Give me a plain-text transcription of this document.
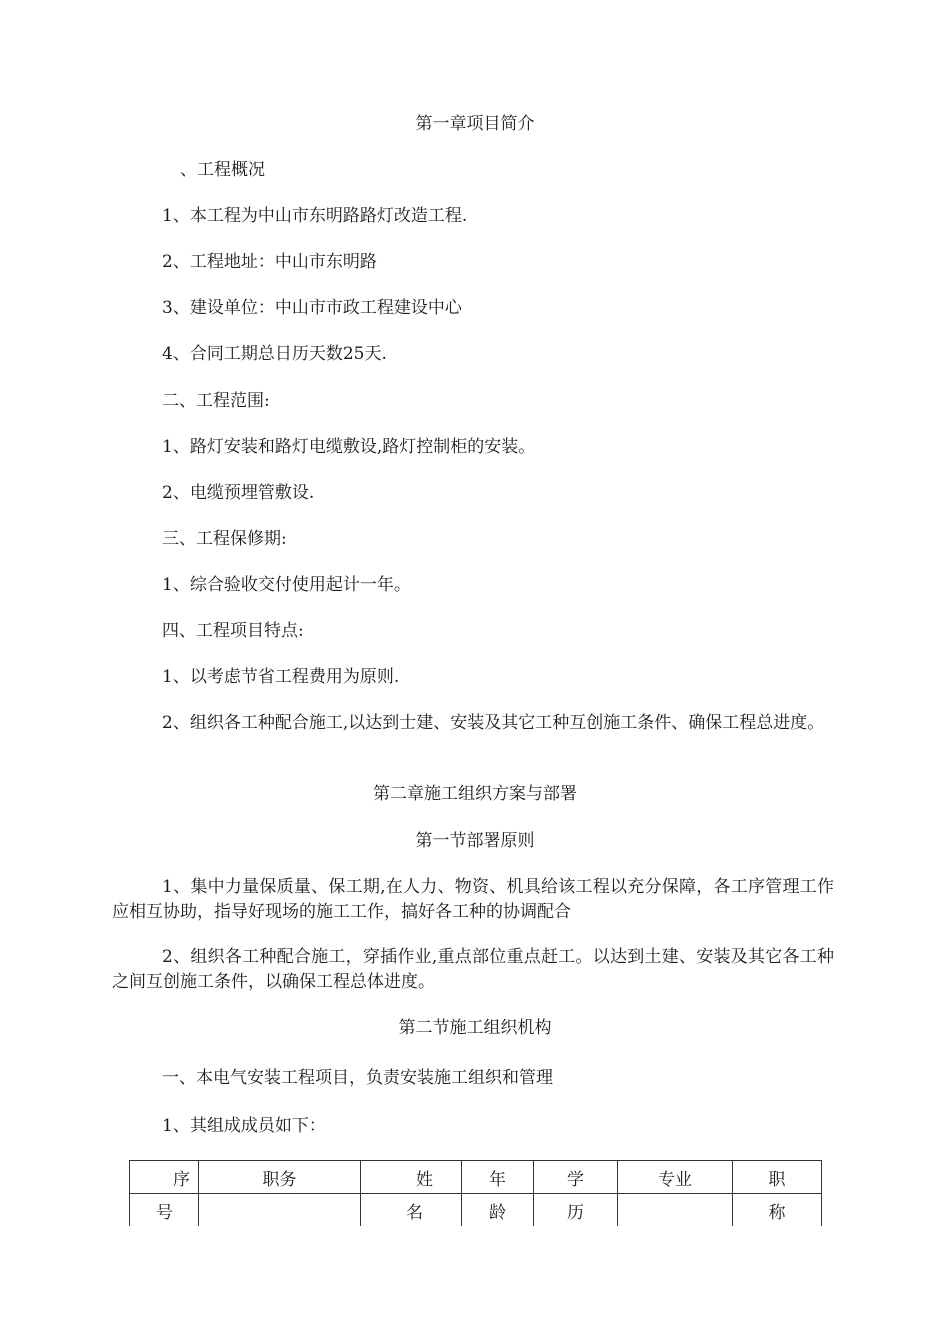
第一章项目简介
、工程概况
1、本工程为中山市东明路路灯改造工程.
2、工程地址：中山市东明路
3、建设单位：中山市市政工程建设中心
4、合同工期总日历天数25天.
二、工程范围:
1、路灯安装和路灯电缆敷设,路灯控制柜的安装。
2、电缆预埋管敷设.
三、工程保修期:
1、综合验收交付使用起计一年。
四、工程项目特点:
1、以考虑节省工程费用为原则.
2、组织各工种配合施工,以达到士建、安装及其它工种互创施工条件、确保工程总进度。
第二章施工组织方案与部署
第一节部署原则
1、集中力量保质量、保工期,在人力、物资、机具给该工程以充分保障，各工序管理工作应相互协助，指导好现场的施工工作，搞好各工种的协调配合
2、组织各工种配合施工，穿插作业,重点部位重点赶工。以达到土建、安装及其它各工种之间互创施工条件，以确保工程总体进度。
第二节施工组织机构
一、本电气安装工程项目，负责安装施工组织和管理
1、其组成成员如下：
序	职务	姓	年	学	专业	职
号		名	龄	历		称
